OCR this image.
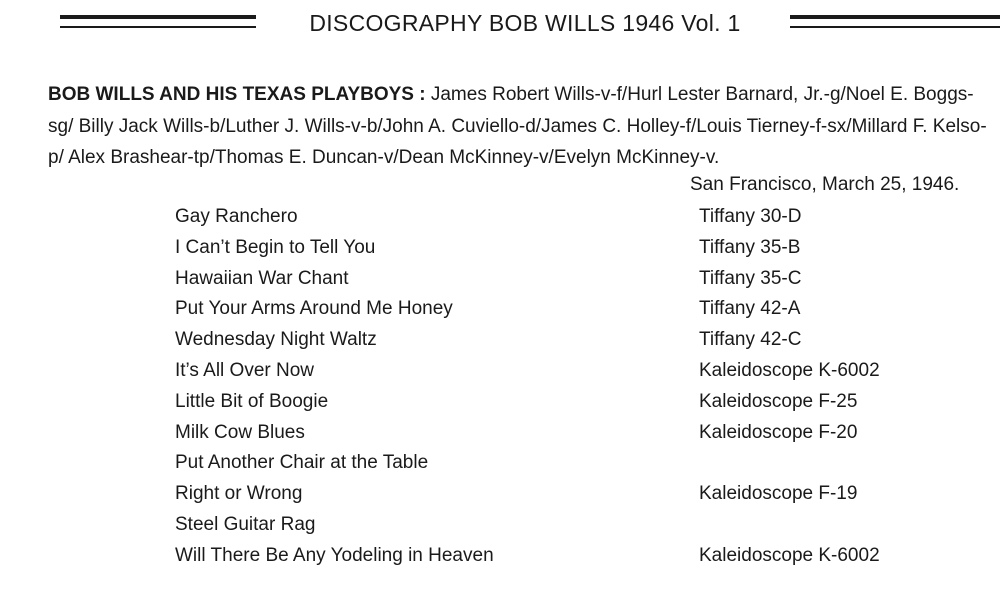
DISCOGRAPHY BOB WILLS 1946 Vol. 1
BOB WILLS AND HIS TEXAS PLAYBOYS : James Robert Wills-v-f/Hurl Lester Barnard, Jr.-g/Noel E. Boggs-sg/ Billy Jack Wills-b/Luther J. Wills-v-b/John A. Cuviello-d/James C. Holley-f/Louis Tierney-f-sx/Millard F. Kelso-p/ Alex Brashear-tp/Thomas E. Duncan-v/Dean McKinney-v/Evelyn McKinney-v.
San Francisco, March 25, 1946.
Gay Ranchero	Tiffany 30-D
I Can’t Begin to Tell You	Tiffany 35-B
Hawaiian War Chant	Tiffany 35-C
Put Your Arms Around Me Honey	Tiffany 42-A
Wednesday Night Waltz	Tiffany 42-C
It’s All Over Now	Kaleidoscope K-6002
Little Bit of Boogie	Kaleidoscope F-25
Milk Cow Blues	Kaleidoscope F-20
Put Another Chair at the Table
Right or Wrong	Kaleidoscope F-19
Steel Guitar Rag
Will There Be Any Yodeling in Heaven	Kaleidoscope K-6002
